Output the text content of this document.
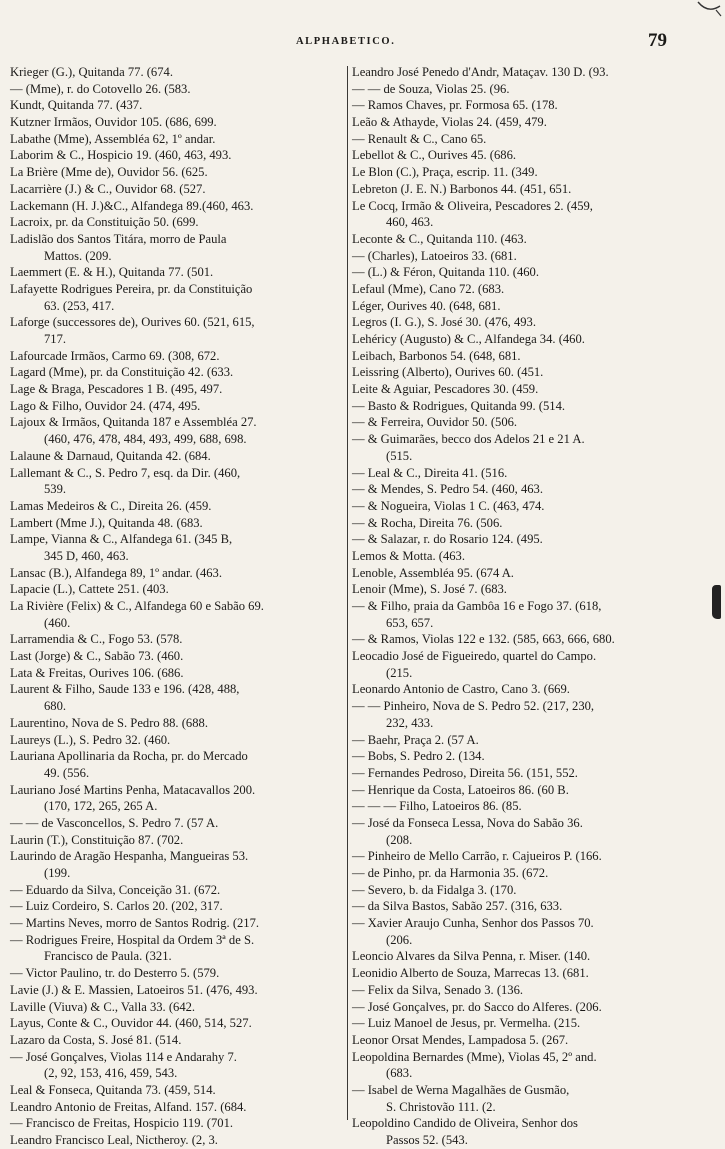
ALPHABETICO.	79
Krieger (G.), Quitanda 77. (674.
— (Mme), r. do Cotovello 26. (583.
Kundt, Quitanda 77. (437.
Kutzner Irmãos, Ouvidor 105. (686, 699.
Labathe (Mme), Assembléa 62, 1º andar.
Laborim & C., Hospicio 19. (460, 463, 493.
La Brière (Mme de), Ouvidor 56. (625.
Lacarrière (J.) & C., Ouvidor 68. (527.
Lackemann (H. J.)&C., Alfandega 89.(460, 463.
Lacroix, pr. da Constituição 50. (699.
Ladislão dos Santos Titára, morro de Paula
Mattos. (209.
Laemmert (E. & H.), Quitanda 77. (501.
Lafayette Rodrigues Pereira, pr. da Constituição
63. (253, 417.
Laforge (successores de), Ourives 60. (521, 615,
717.
Lafourcade Irmãos, Carmo 69. (308, 672.
Lagard (Mme), pr. da Constituição 42. (633.
Lage & Braga, Pescadores 1 B. (495, 497.
Lago & Filho, Ouvidor 24. (474, 495.
Lajoux & Irmãos, Quitanda 187 e Assembléa 27.
(460, 476, 478, 484, 493, 499, 688, 698.
Lalaune & Darnaud, Quitanda 42. (684.
Lallemant & C., S. Pedro 7, esq. da Dir. (460,
539.
Lamas Medeiros & C., Direita 26. (459.
Lambert (Mme J.), Quitanda 48. (683.
Lampe, Vianna & C., Alfandega 61. (345 B,
345 D, 460, 463.
Lansac (B.), Alfandega 89, 1º andar. (463.
Lapacie (L.), Cattete 251. (403.
La Rivière (Felix) & C., Alfandega 60 e Sabão 69.
(460.
Larramendia & C., Fogo 53. (578.
Last (Jorge) & C., Sabão 73. (460.
Lata & Freitas, Ourives 106. (686.
Laurent & Filho, Saude 133 e 196. (428, 488,
680.
Laurentino, Nova de S. Pedro 88. (688.
Laureys (L.), S. Pedro 32. (460.
Lauriana Apollinaria da Rocha, pr. do Mercado
49. (556.
Lauriano José Martins Penha, Matacavallos 200.
(170, 172, 265, 265 A.
— — de Vasconcellos, S. Pedro 7. (57 A.
Laurin (T.), Constituição 87. (702.
Laurindo de Aragão Hespanha, Mangueiras 53.
(199.
— Eduardo da Silva, Conceição 31. (672.
— Luiz Cordeiro, S. Carlos 20. (202, 317.
— Martins Neves, morro de Santos Rodrig. (217.
— Rodrigues Freire, Hospital da Ordem 3ª de S.
Francisco de Paula. (321.
— Victor Paulino, tr. do Desterro 5. (579.
Lavie (J.) & E. Massien, Latoeiros 51. (476, 493.
Laville (Viuva) & C., Valla 33. (642.
Layus, Conte & C., Ouvidor 44. (460, 514, 527.
Lazaro da Costa, S. José 81. (514.
— José Gonçalves, Violas 114 e Andarahy 7.
(2, 92, 153, 416, 459, 543.
Leal & Fonseca, Quitanda 73. (459, 514.
Leandro Antonio de Freitas, Alfand. 157. (684.
— Francisco de Freitas, Hospicio 119. (701.
Leandro Francisco Leal, Nictheroy. (2, 3.
Leandro José Penedo d'Andr, Mataçav. 130 D. (93.
— — de Souza, Violas 25. (96.
— Ramos Chaves, pr. Formosa 65. (178.
Leão & Athayde, Violas 24. (459, 479.
— Renault & C., Cano 65.
Lebellot & C., Ourives 45. (686.
Le Blon (C.), Praça, escrip. 11. (349.
Lebreton (J. E. N.) Barbonos 44. (451, 651.
Le Cocq, Irmão & Oliveira, Pescadores 2. (459,
460, 463.
Leconte & C., Quitanda 110. (463.
— (Charles), Latoeiros 33. (681.
— (L.) & Féron, Quitanda 110. (460.
Lefaul (Mme), Cano 72. (683.
Léger, Ourives 40. (648, 681.
Legros (I. G.), S. José 30. (476, 493.
Lehéricy (Augusto) & C., Alfandega 34. (460.
Leibach, Barbonos 54. (648, 681.
Leissring (Alberto), Ourives 60. (451.
Leite & Aguiar, Pescadores 30. (459.
— Basto & Rodrigues, Quitanda 99. (514.
— & Ferreira, Ouvidor 50. (506.
— & Guimarães, becco dos Adelos 21 e 21 A.
(515.
— Leal & C., Direita 41. (516.
— & Mendes, S. Pedro 54. (460, 463.
— & Nogueira, Violas 1 C. (463, 474.
— & Rocha, Direita 76. (506.
— & Salazar, r. do Rosario 124. (495.
Lemos & Motta. (463.
Lenoble, Assembléa 95. (674 A.
Lenoir (Mme), S. José 7. (683.
— & Filho, praia da Gambôa 16 e Fogo 37. (618,
653, 657.
— & Ramos, Violas 122 e 132. (585, 663, 666, 680.
Leocadio José de Figueiredo, quartel do Campo.
(215.
Leonardo Antonio de Castro, Cano 3. (669.
— — Pinheiro, Nova de S. Pedro 52. (217, 230,
232, 433.
— Baehr, Praça 2. (57 A.
— Bobs, S. Pedro 2. (134.
— Fernandes Pedroso, Direita 56. (151, 552.
— Henrique da Costa, Latoeiros 86. (60 B.
— — — Filho, Latoeiros 86. (85.
— José da Fonseca Lessa, Nova do Sabão 36.
(208.
— Pinheiro de Mello Carrão, r. Cajueiros P. (166.
— de Pinho, pr. da Harmonia 35. (672.
— Severo, b. da Fidalga 3. (170.
— da Silva Bastos, Sabão 257. (316, 633.
— Xavier Araujo Cunha, Senhor dos Passos 70.
(206.
Leoncio Alvares da Silva Penna, r. Miser. (140.
Leonidio Alberto de Souza, Marrecas 13. (681.
— Felix da Silva, Senado 3. (136.
— José Gonçalves, pr. do Sacco do Alferes. (206.
— Luiz Manoel de Jesus, pr. Vermelha. (215.
Leonor Orsat Mendes, Lampadosa 5. (267.
Leopoldina Bernardes (Mme), Violas 45, 2º and.
(683.
— Isabel de Werna Magalhães de Gusmão,
S. Christovão 111. (2.
Leopoldino Candido de Oliveira, Senhor dos
Passos 52. (543.
